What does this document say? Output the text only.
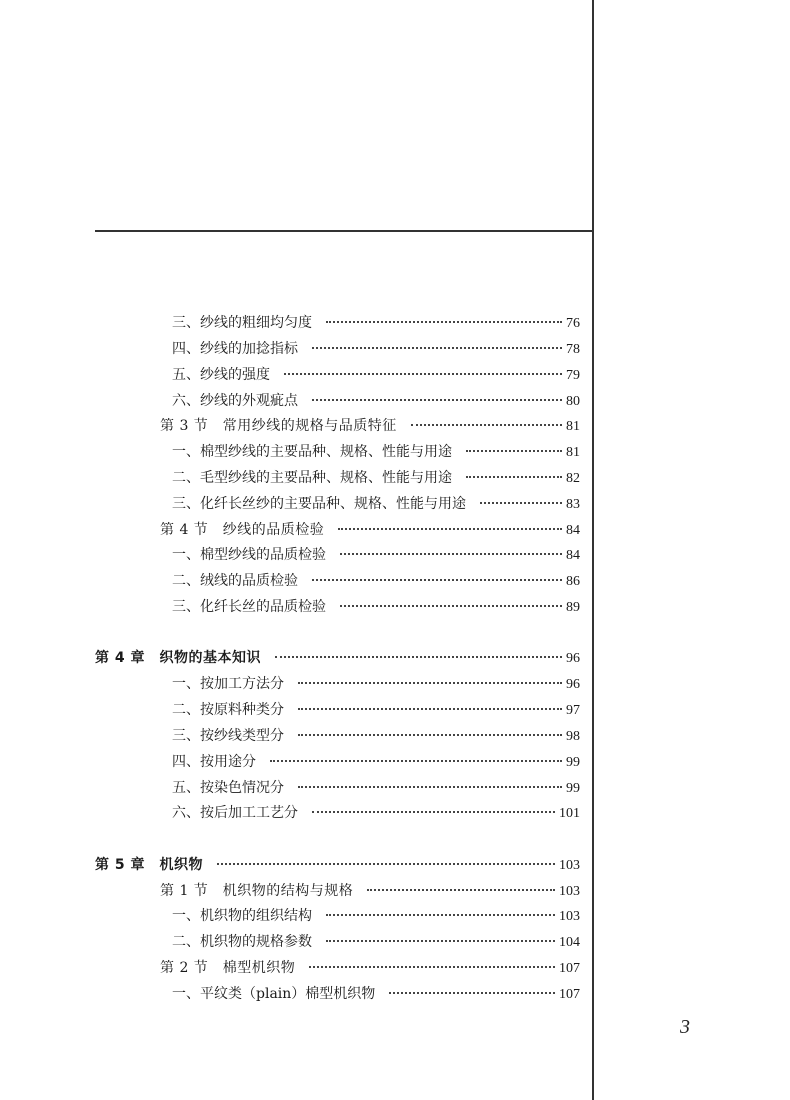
三、纱线的粗细均匀度	76
四、纱线的加捻指标	78
五、纱线的强度	79
六、纱线的外观疵点	80
第 3 节　常用纱线的规格与品质特征	81
一、棉型纱线的主要品种、规格、性能与用途	81
二、毛型纱线的主要品种、规格、性能与用途	82
三、化纤长丝纱的主要品种、规格、性能与用途	83
第 4 节　纱线的品质检验	84
一、棉型纱线的品质检验	84
二、绒线的品质检验	86
三、化纤长丝的品质检验	89
第 4 章　织物的基本知识	96
一、按加工方法分	96
二、按原料种类分	97
三、按纱线类型分	98
四、按用途分	99
五、按染色情况分	99
六、按后加工工艺分	101
第 5 章　机织物	103
第 1 节　机织物的结构与规格	103
一、机织物的组织结构	103
二、机织物的规格参数	104
第 2 节　棉型机织物	107
一、平纹类（plain）棉型机织物	107
3
